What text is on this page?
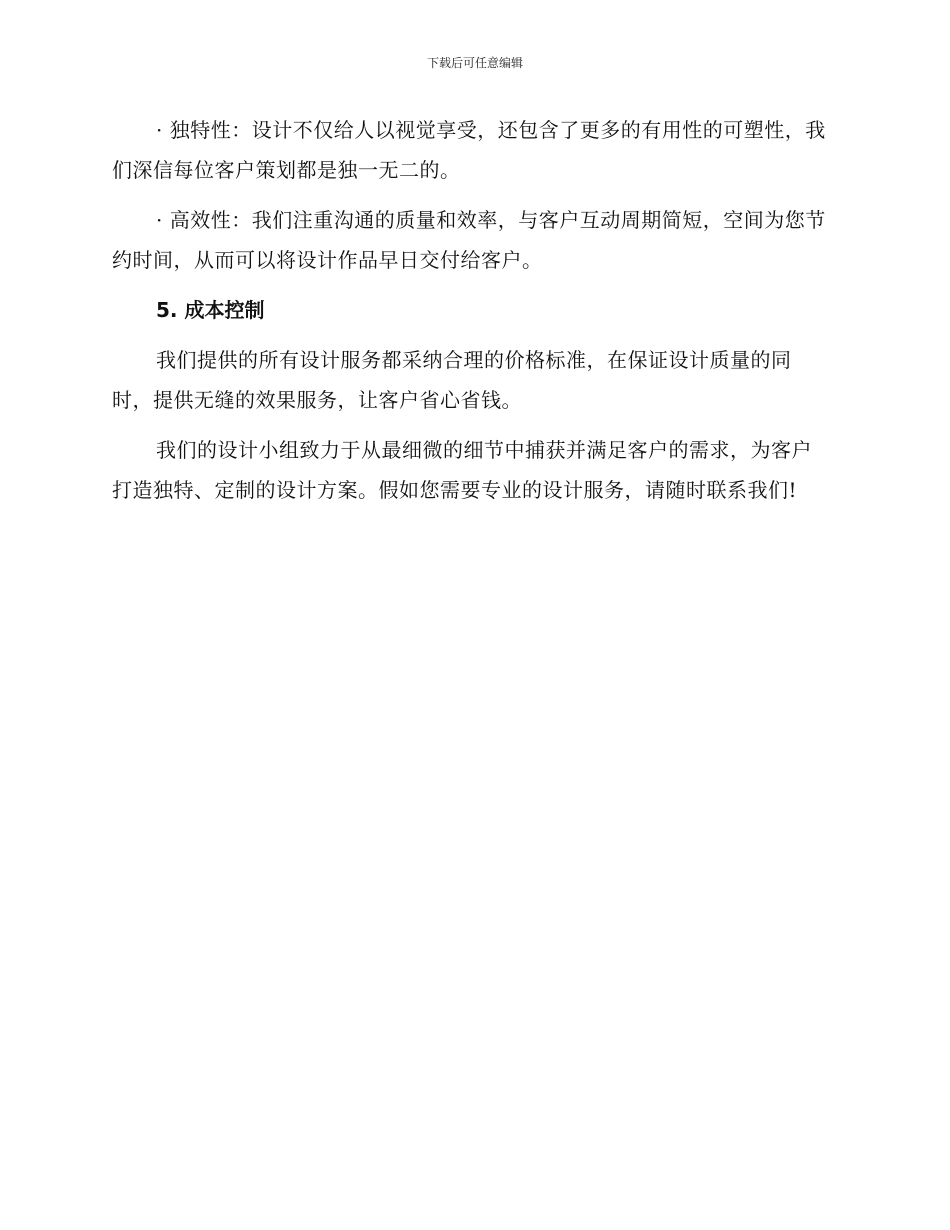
下载后可任意编辑

· 独特性：设计不仅给人以视觉享受，还包含了更多的有用性的可塑性，我们深信每位客户策划都是独一无二的。

· 高效性：我们注重沟通的质量和效率，与客户互动周期简短，空间为您节约时间，从而可以将设计作品早日交付给客户。

5. 成本控制

我们提供的所有设计服务都采纳合理的价格标准，在保证设计质量的同时，提供无缝的效果服务，让客户省心省钱。

我们的设计小组致力于从最细微的细节中捕获并满足客户的需求，为客户打造独特、定制的设计方案。假如您需要专业的设计服务，请随时联系我们!
